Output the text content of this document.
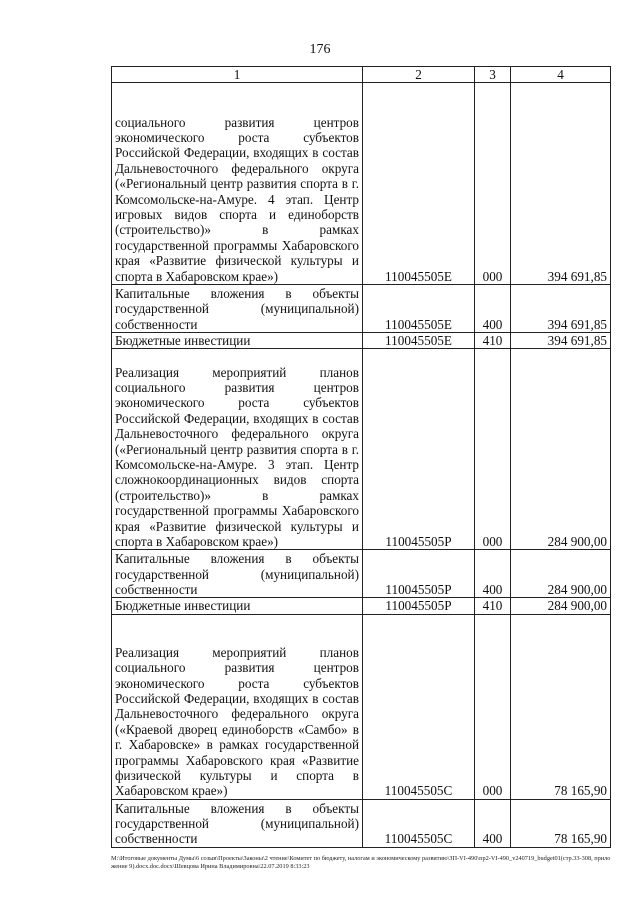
176
1	2	3	4
социального развития центров экономического роста субъектов Российской Федерации, входящих в состав Дальневосточного федерального округа («Региональный центр развития спорта в г. Комсомольске-на-Амуре. 4 этап. Центр игровых видов спорта и единоборств (строительство)» в рамках государственной программы Хабаровского края «Развитие физической культуры и спорта в Хабаровском крае»)	110045505Е	000	394 691,85
Капитальные вложения в объекты государственной (муниципальной) собственности	110045505Е	400	394 691,85
Бюджетные инвестиции	110045505Е	410	394 691,85
Реализация мероприятий планов социального развития центров экономического роста субъектов Российской Федерации, входящих в состав Дальневосточного федерального округа («Региональный центр развития спорта в г. Комсомольске-на-Амуре. 3 этап. Центр сложнокоординационных видов спорта (строительство)» в рамках государственной программы Хабаровского края «Развитие физической культуры и спорта в Хабаровском крае»)	110045505Р	000	284 900,00
Капитальные вложения в объекты государственной (муниципальной) собственности	110045505Р	400	284 900,00
Бюджетные инвестиции	110045505Р	410	284 900,00
Реализация мероприятий планов социального развития центров экономического роста субъектов Российской Федерации, входящих в состав Дальневосточного федерального округа («Краевой дворец единоборств «Самбо» в г. Хабаровске» в рамках государственной программы Хабаровского края «Развитие физической культуры и спорта в Хабаровском крае»)	110045505С	000	78 165,90
Капитальные вложения в объекты государственной (муниципальной) собственности	110045505С	400	78 165,90
M:\Итоговые документы Думы\6 созыв\Проекты\Законы\2 чтение\Комитет по бюджету, налогам и экономическому развитию\ЗП-VI-490\пр2-VI-490_v240719_budget01(стр.33-308, приложение 9).docx.doc.docx\Шевцова Ирина Владимировна\22.07.2019 8:33:23
